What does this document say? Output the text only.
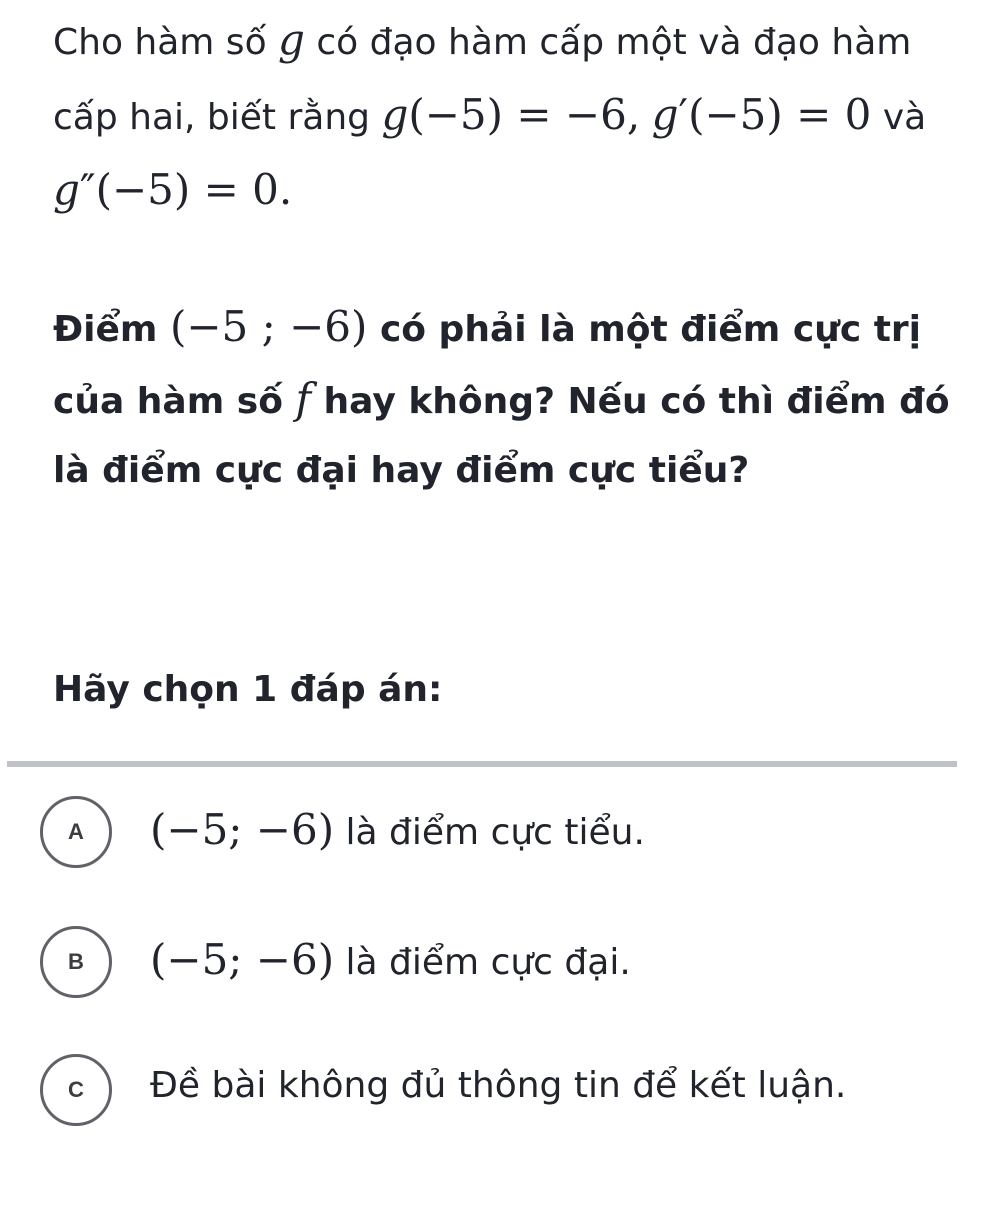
Cho hàm số g có đạo hàm cấp một và đạo hàm cấp hai, biết rằng g(−5) = −6, g′(−5) = 0 và g″(−5) = 0.
Điểm (−5 ; −6) có phải là một điểm cực trị của hàm số f hay không? Nếu có thì điểm đó là điểm cực đại hay điểm cực tiểu?
Hãy chọn 1 đáp án:
A	(−5; −6) là điểm cực tiểu.
B	(−5; −6) là điểm cực đại.
C	Đề bài không đủ thông tin để kết luận.
